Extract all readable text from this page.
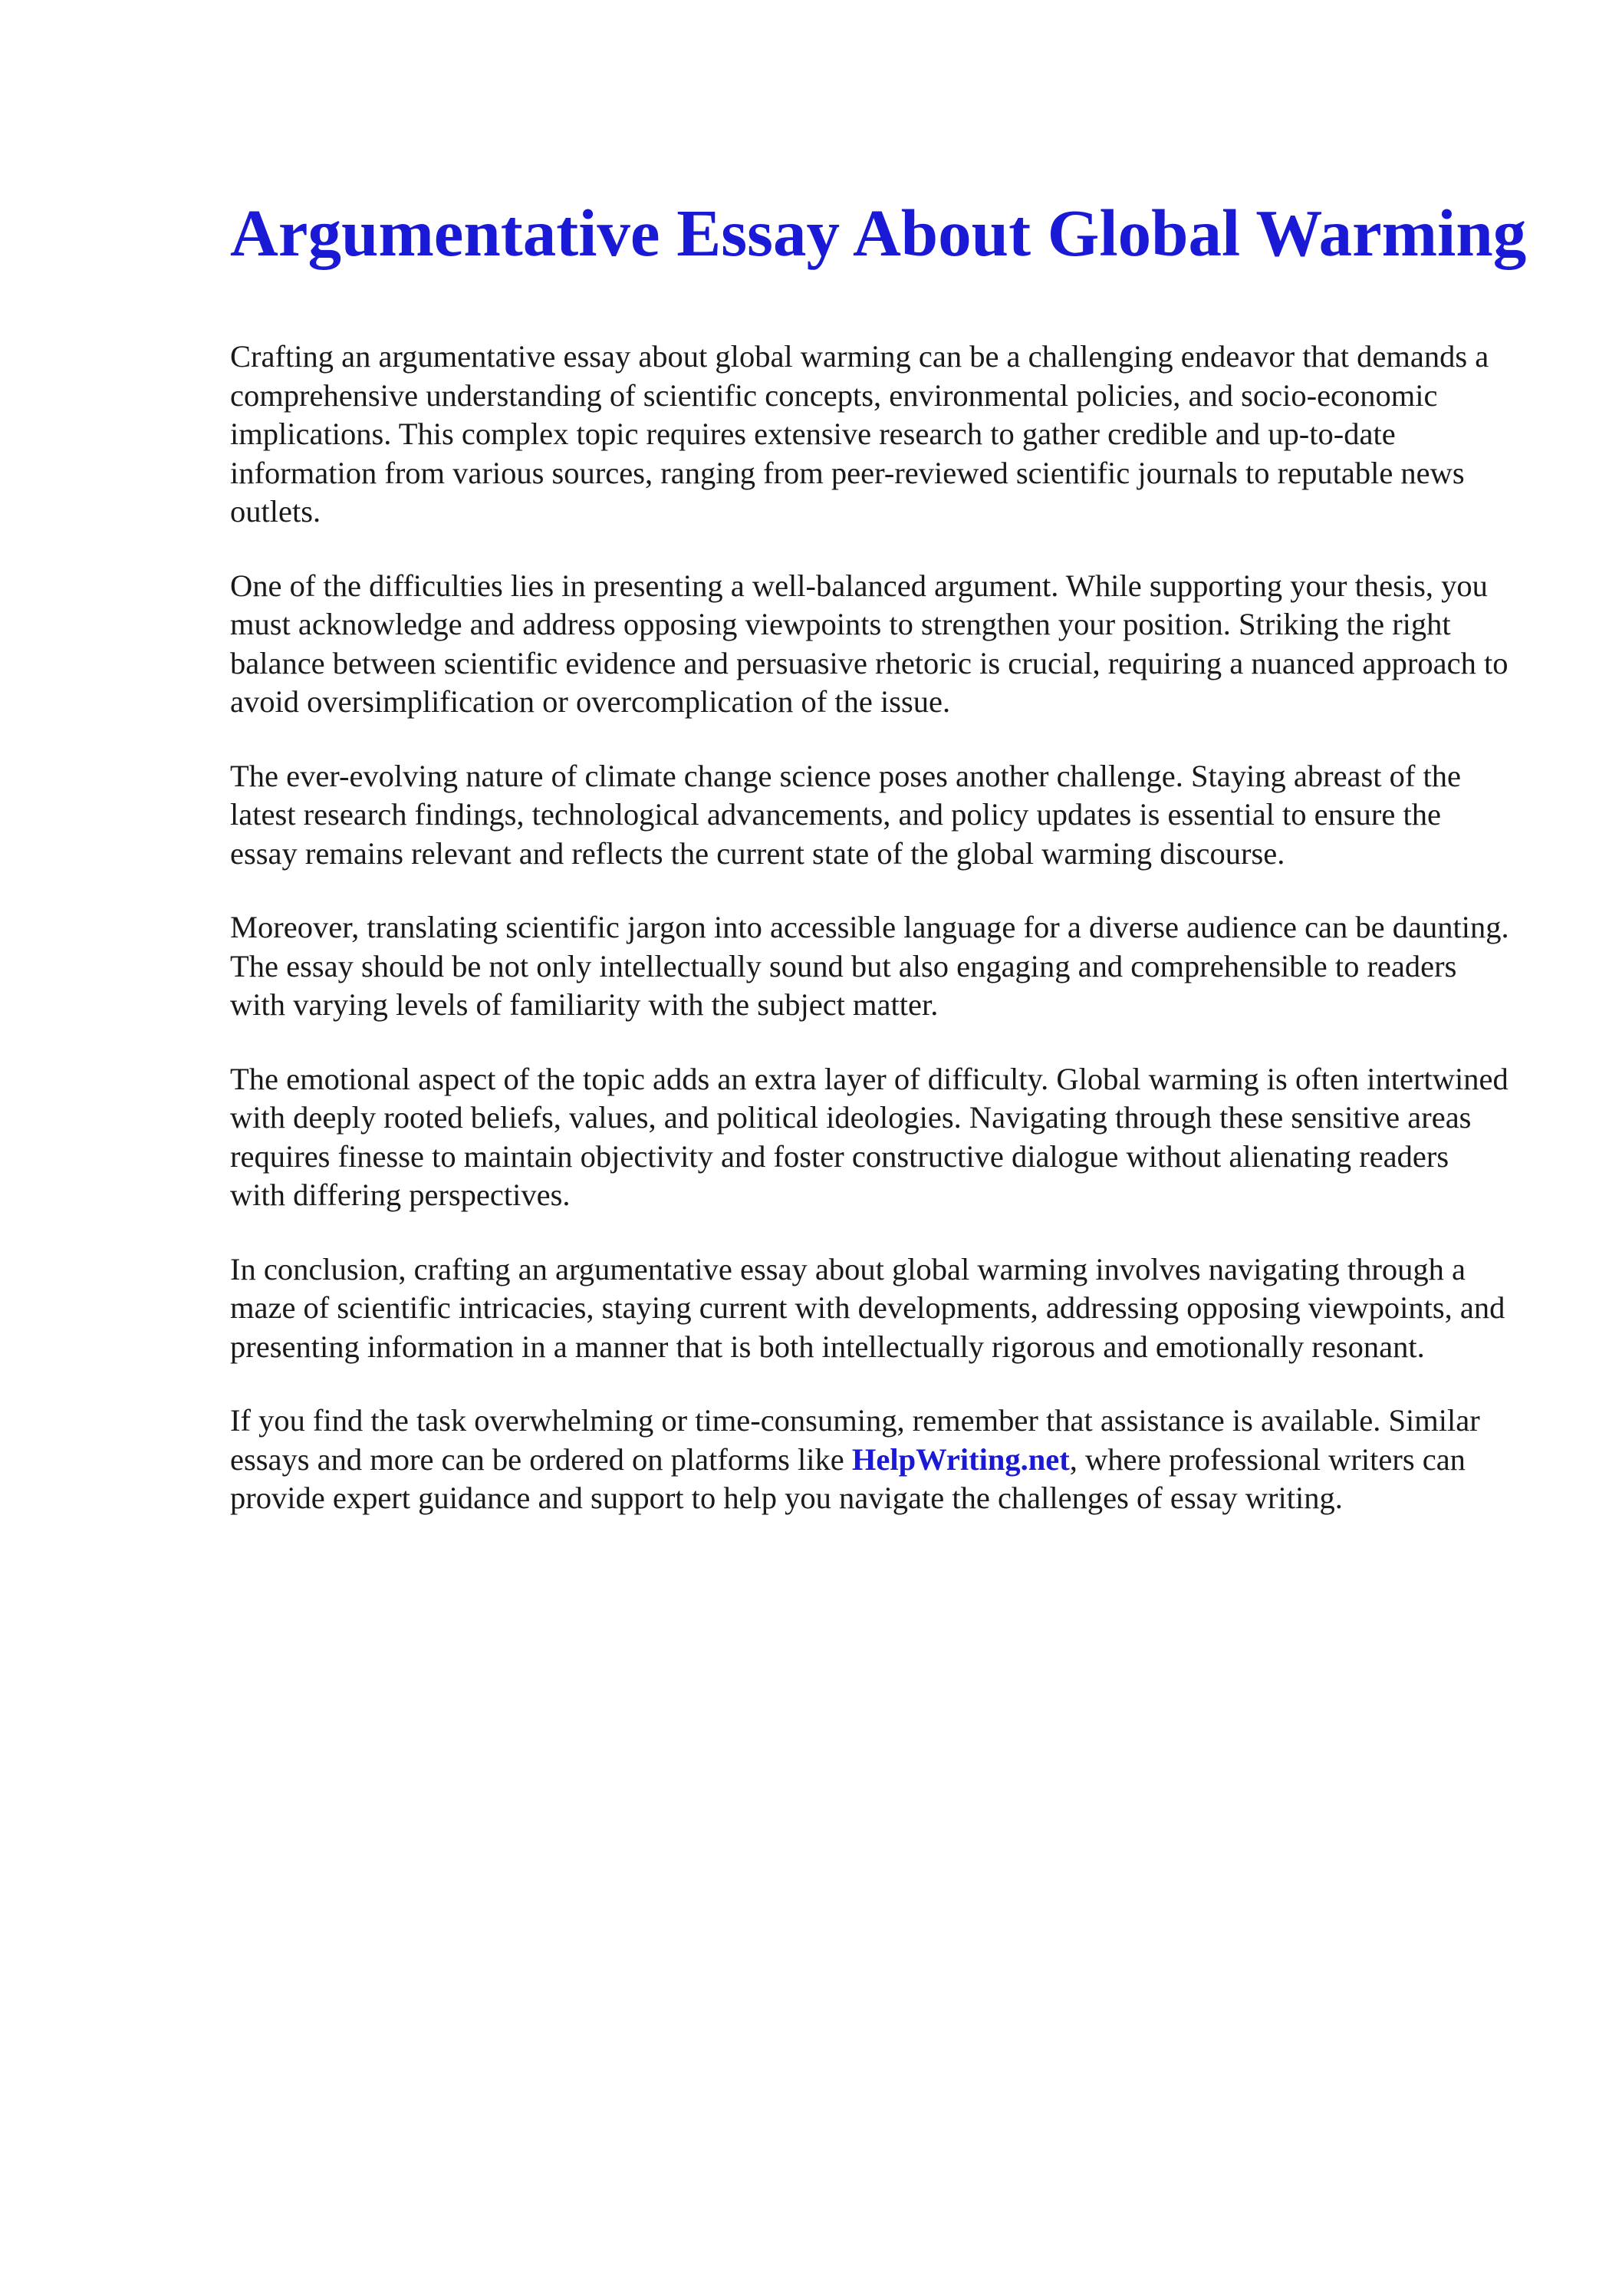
Argumentative Essay About Global Warming

Crafting an argumentative essay about global warming can be a challenging endeavor that demands a comprehensive understanding of scientific concepts, environmental policies, and socio-economic implications. This complex topic requires extensive research to gather credible and up-to-date information from various sources, ranging from peer-reviewed scientific journals to reputable news outlets.

One of the difficulties lies in presenting a well-balanced argument. While supporting your thesis, you must acknowledge and address opposing viewpoints to strengthen your position. Striking the right balance between scientific evidence and persuasive rhetoric is crucial, requiring a nuanced approach to avoid oversimplification or overcomplication of the issue.

The ever-evolving nature of climate change science poses another challenge. Staying abreast of the latest research findings, technological advancements, and policy updates is essential to ensure the essay remains relevant and reflects the current state of the global warming discourse.

Moreover, translating scientific jargon into accessible language for a diverse audience can be daunting. The essay should be not only intellectually sound but also engaging and comprehensible to readers with varying levels of familiarity with the subject matter.

The emotional aspect of the topic adds an extra layer of difficulty. Global warming is often intertwined with deeply rooted beliefs, values, and political ideologies. Navigating through these sensitive areas requires finesse to maintain objectivity and foster constructive dialogue without alienating readers with differing perspectives.

In conclusion, crafting an argumentative essay about global warming involves navigating through a maze of scientific intricacies, staying current with developments, addressing opposing viewpoints, and presenting information in a manner that is both intellectually rigorous and emotionally resonant.

If you find the task overwhelming or time-consuming, remember that assistance is available. Similar essays and more can be ordered on platforms like HelpWriting.net, where professional writers can provide expert guidance and support to help you navigate the challenges of essay writing.
